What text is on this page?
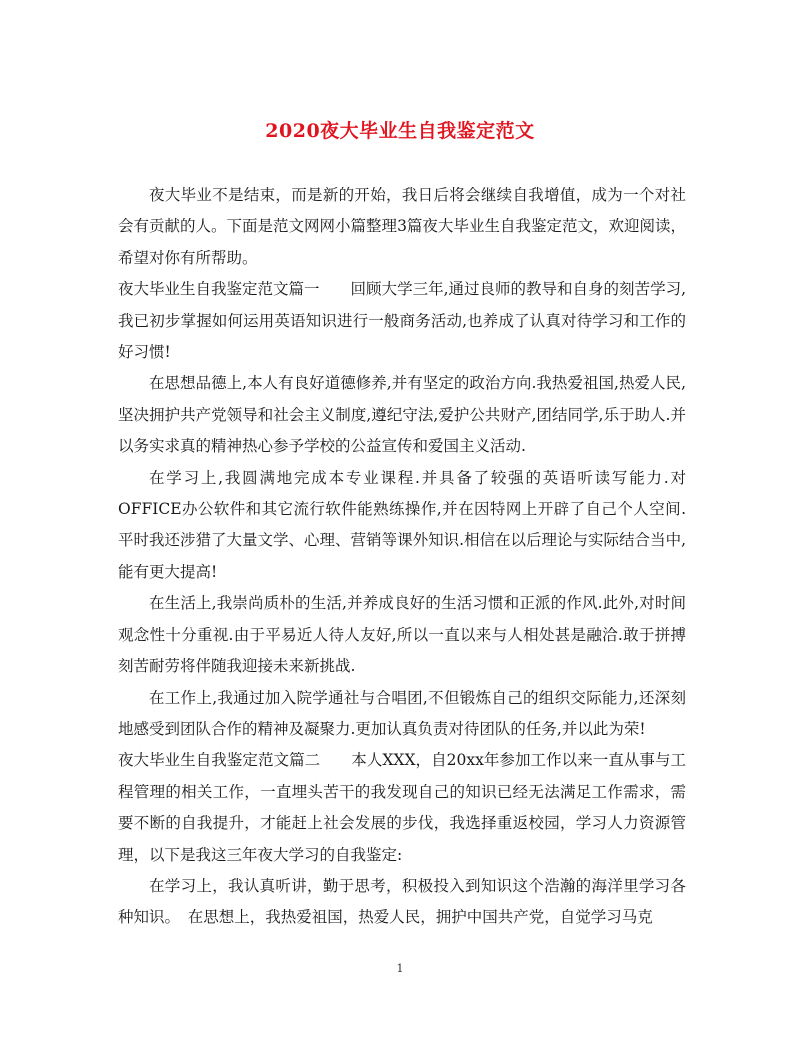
2020夜大毕业生自我鉴定范文

夜大毕业不是结束，而是新的开始，我日后将会继续自我增值，成为一个对社会有贡献的人。下面是范文网网小篇整理3篇夜大毕业生自我鉴定范文，欢迎阅读，希望对你有所帮助。

夜大毕业生自我鉴定范文篇一　　回顾大学三年,通过良师的教导和自身的刻苦学习,我已初步掌握如何运用英语知识进行一般商务活动,也养成了认真对待学习和工作的好习惯!

在思想品德上,本人有良好道德修养,并有坚定的政治方向.我热爱祖国,热爱人民,坚决拥护共产党领导和社会主义制度,遵纪守法,爱护公共财产,团结同学,乐于助人.并以务实求真的精神热心参予学校的公益宣传和爱国主义活动.

在学习上,我圆满地完成本专业课程.并具备了较强的英语听读写能力.对OFFICE办公软件和其它流行软件能熟练操作,并在因特网上开辟了自己个人空间.平时我还涉猎了大量文学、心理、营销等课外知识.相信在以后理论与实际结合当中,能有更大提高!

在生活上,我崇尚质朴的生活,并养成良好的生活习惯和正派的作风.此外,对时间观念性十分重视.由于平易近人待人友好,所以一直以来与人相处甚是融洽.敢于拼搏刻苦耐劳将伴随我迎接未来新挑战.

在工作上,我通过加入院学通社与合唱团,不但锻炼自己的组织交际能力,还深刻地感受到团队合作的精神及凝聚力.更加认真负责对待团队的任务,并以此为荣!

夜大毕业生自我鉴定范文篇二　　本人XXX，自20xx年参加工作以来一直从事与工程管理的相关工作，一直埋头苦干的我发现自己的知识已经无法满足工作需求，需要不断的自我提升，才能赶上社会发展的步伐，我选择重返校园，学习人力资源管理，以下是我这三年夜大学习的自我鉴定:

在学习上，我认真听讲，勤于思考，积极投入到知识这个浩瀚的海洋里学习各种知识。　在思想上，我热爱祖国，热爱人民，拥护中国共产党，自觉学习马克

1
